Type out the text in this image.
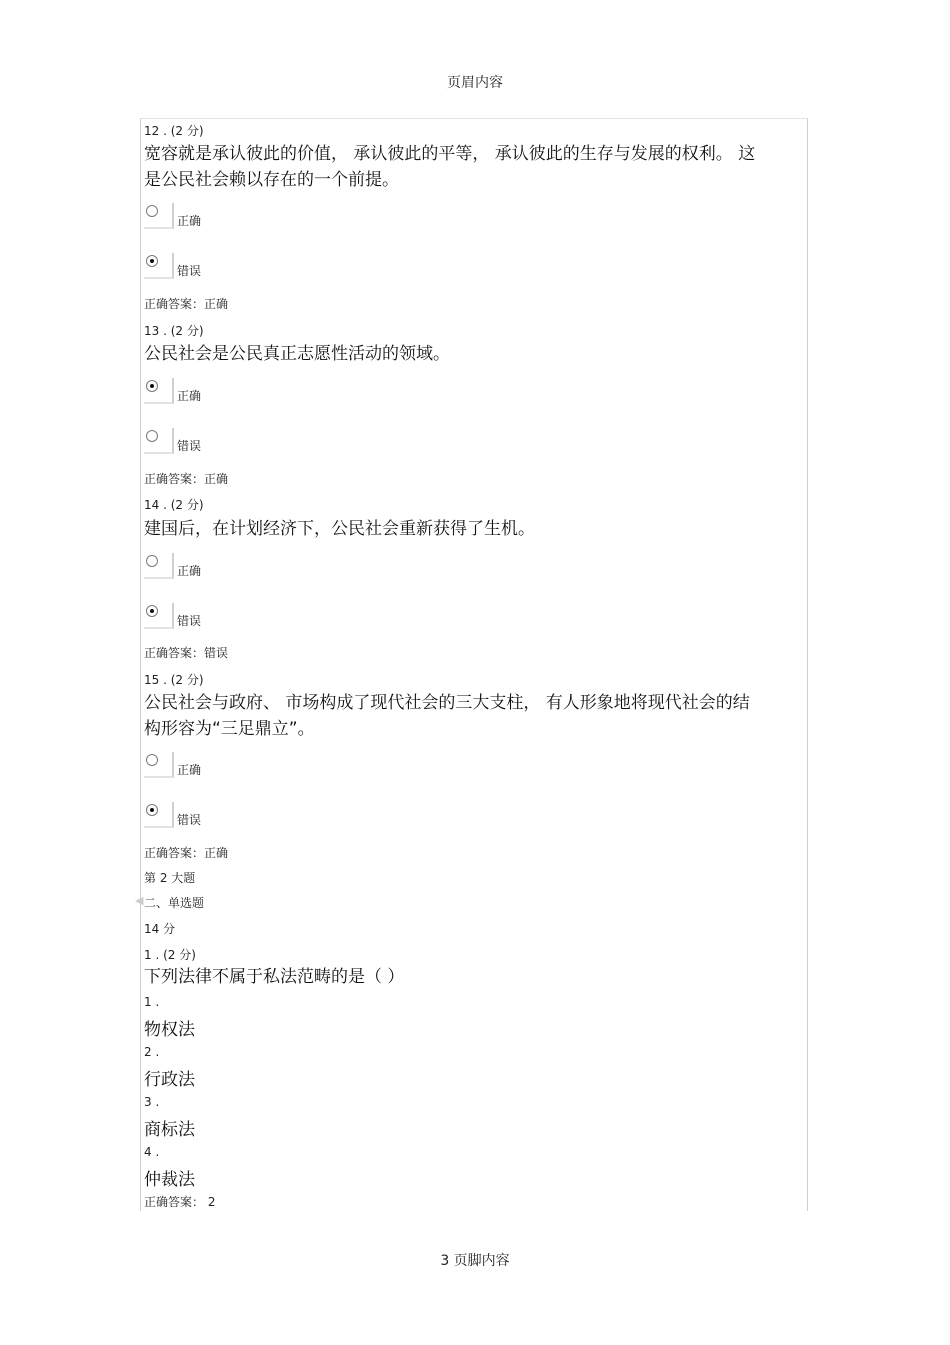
页眉内容
◀
12 . (2 分)
宽容就是承认彼此的价值， 承认彼此的平等， 承认彼此的生存与发展的权利。 这
是公民社会赖以存在的一个前提。
正确
错误
正确答案：正确
13 . (2 分)
公民社会是公民真正志愿性活动的领域。
正确
错误
正确答案：正确
14 . (2 分)
建国后，在计划经济下，公民社会重新获得了生机。
正确
错误
正确答案：错误
15 . (2 分)
公民社会与政府、 市场构成了现代社会的三大支柱， 有人形象地将现代社会的结
构形容为“三足鼎立”。
正确
错误
正确答案：正确
第 2 大题
二、单选题
14 分
1 . (2 分)
下列法律不属于私法范畴的是（ ）
1 .
物权法
2 .
行政法
3 .
商标法
4 .
仲裁法
正确答案： 2
3 页脚内容
